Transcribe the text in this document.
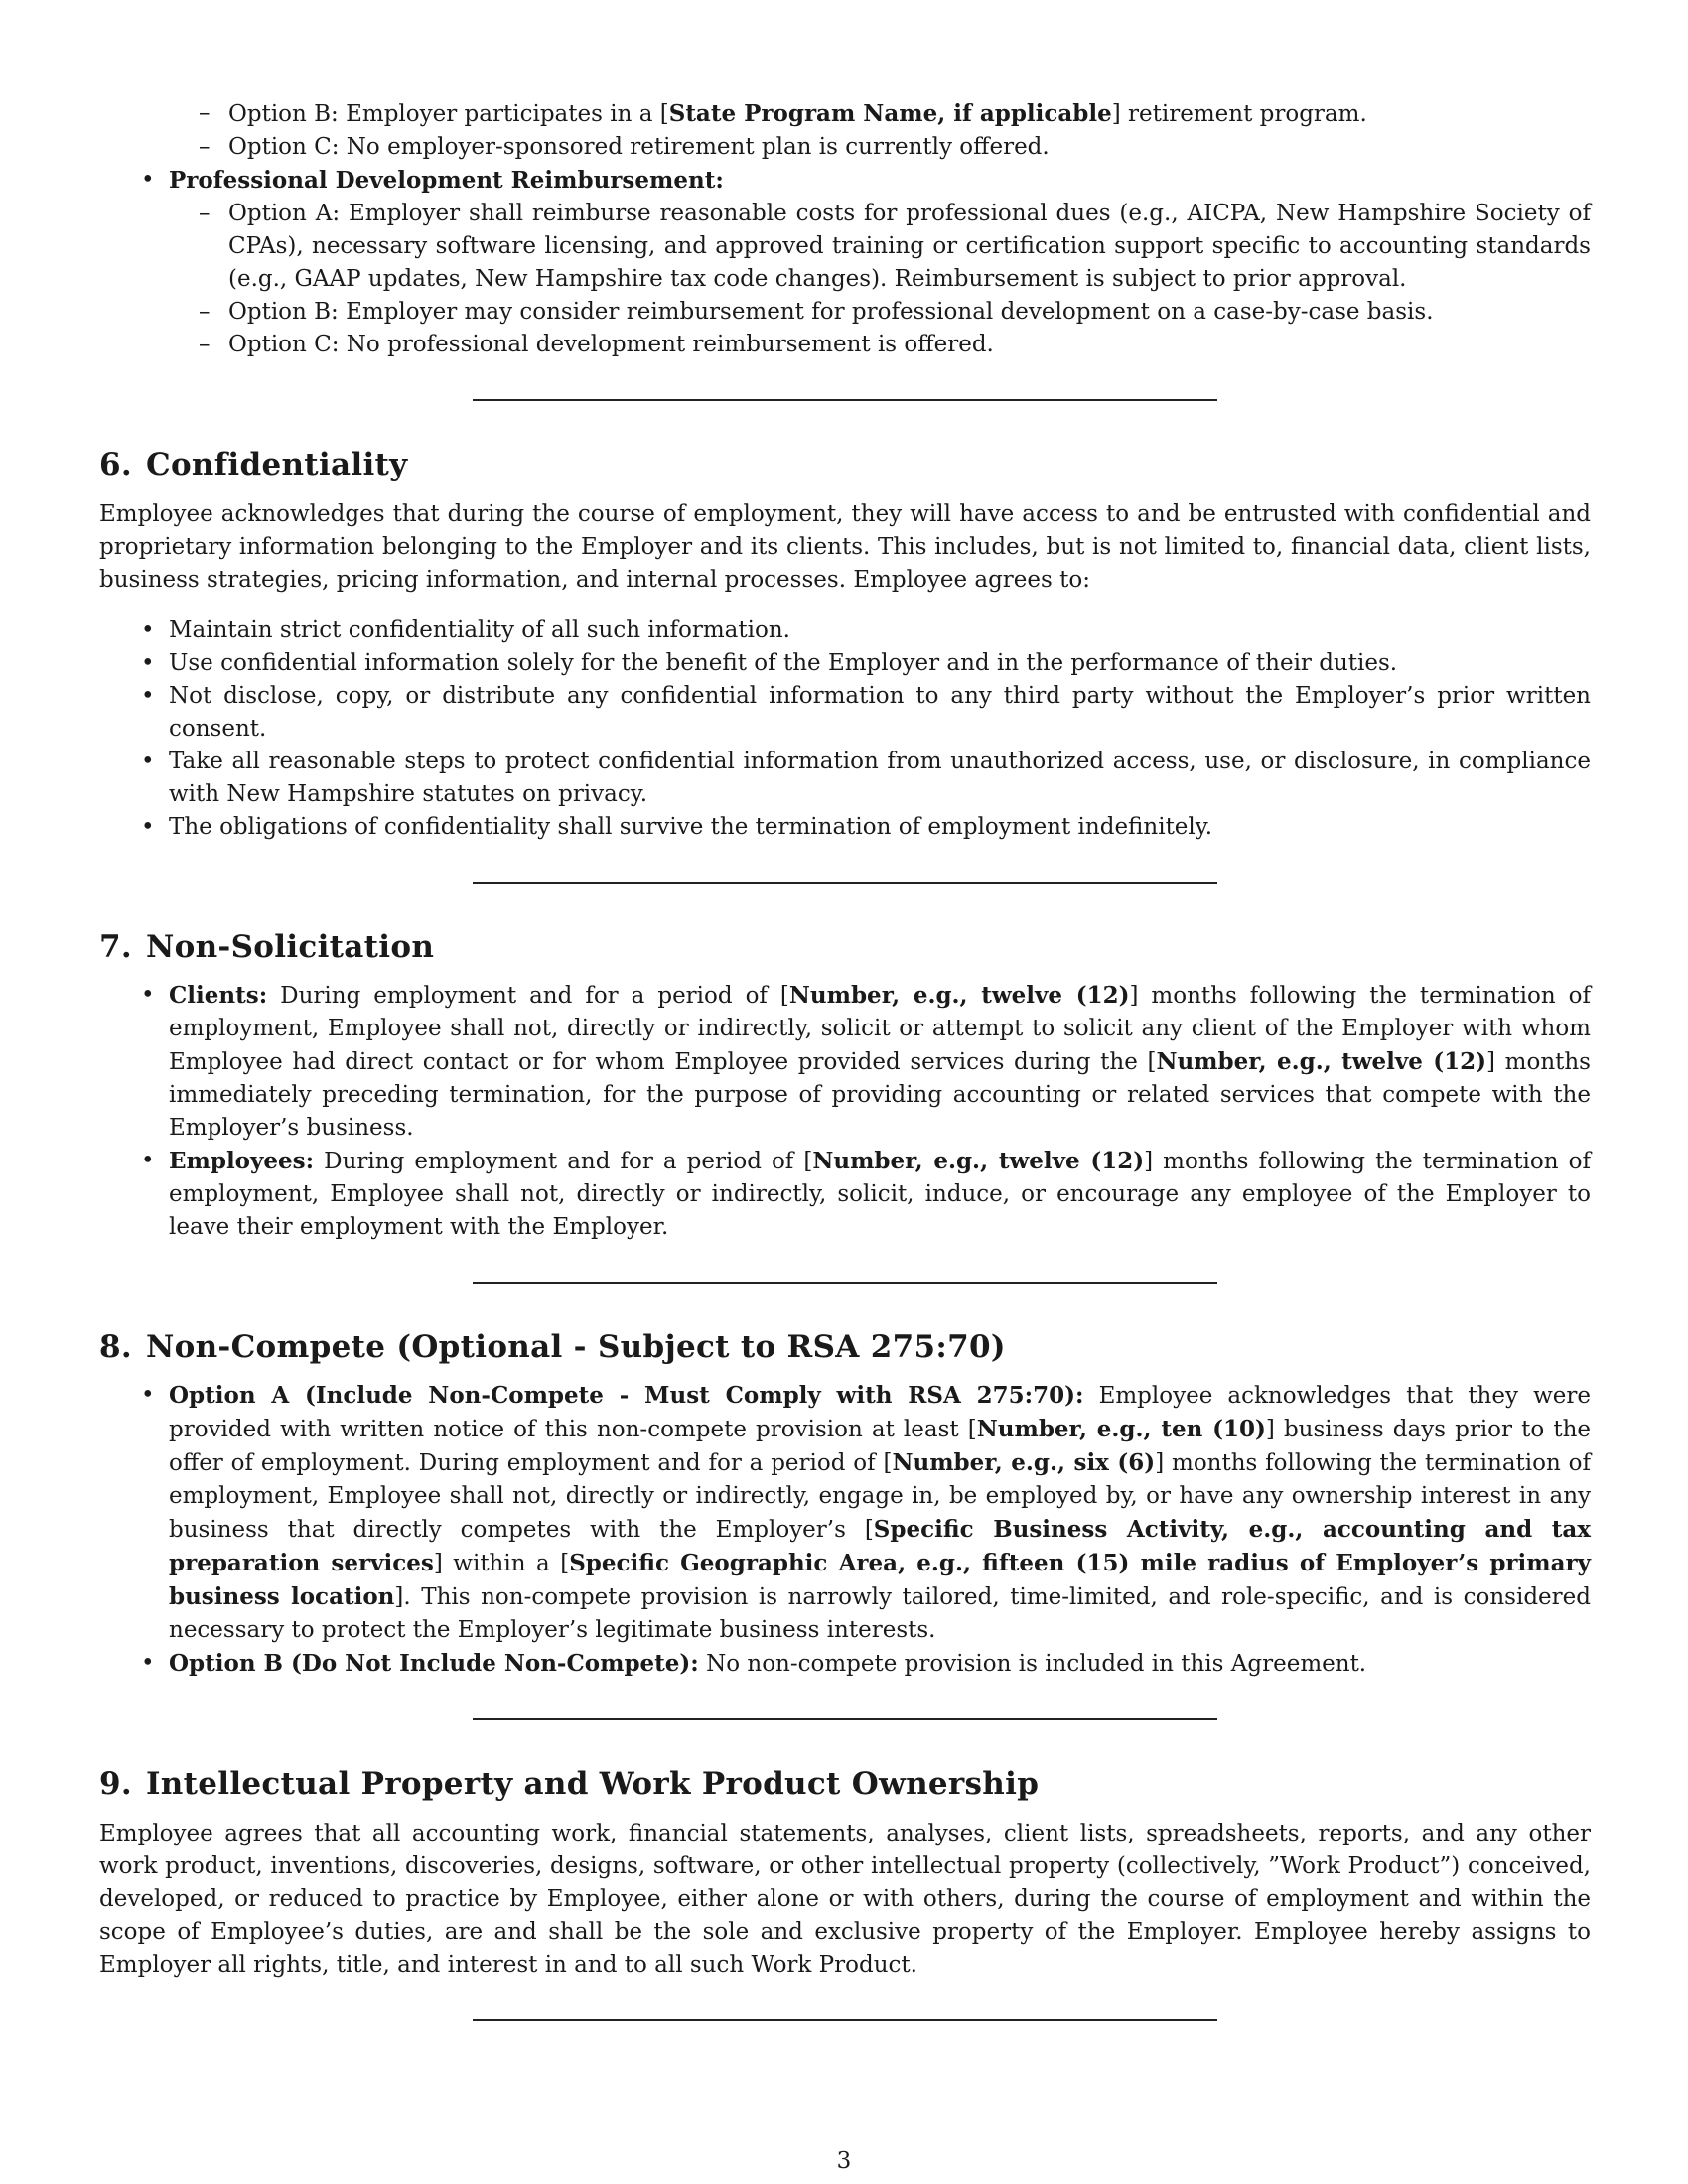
– Option B: Employer participates in a [State Program Name, if applicable] retirement program.
– Option C: No employer-sponsored retirement plan is currently offered.
• Professional Development Reimbursement:
– Option A: Employer shall reimburse reasonable costs for professional dues (e.g., AICPA, New Hampshire Society of CPAs), necessary software licensing, and approved training or certification support specific to accounting standards (e.g., GAAP updates, New Hampshire tax code changes). Reimbursement is subject to prior approval.
– Option B: Employer may consider reimbursement for professional development on a case-by-case basis.
– Option C: No professional development reimbursement is offered.
6. Confidentiality

Employee acknowledges that during the course of employment, they will have access to and be entrusted with confidential and proprietary information belonging to the Employer and its clients. This includes, but is not limited to, financial data, client lists, business strategies, pricing information, and internal processes. Employee agrees to:

• Maintain strict confidentiality of all such information.
• Use confidential information solely for the benefit of the Employer and in the performance of their duties.
• Not disclose, copy, or distribute any confidential information to any third party without the Employer’s prior written consent.
• Take all reasonable steps to protect confidential information from unauthorized access, use, or disclosure, in compliance with New Hampshire statutes on privacy.
• The obligations of confidentiality shall survive the termination of employment indefinitely.
7. Non-Solicitation
• Clients: During employment and for a period of [Number, e.g., twelve (12)] months following the termination of employment, Employee shall not, directly or indirectly, solicit or attempt to solicit any client of the Employer with whom Employee had direct contact or for whom Employee provided services during the [Number, e.g., twelve (12)] months immediately preceding termination, for the purpose of providing accounting or related services that compete with the Employer’s business.
• Employees: During employment and for a period of [Number, e.g., twelve (12)] months following the termination of employment, Employee shall not, directly or indirectly, solicit, induce, or encourage any employee of the Employer to leave their employment with the Employer.
8. Non-Compete (Optional - Subject to RSA 275:70)
• Option A (Include Non-Compete - Must Comply with RSA 275:70): Employee acknowledges that they were provided with written notice of this non-compete provision at least [Number, e.g., ten (10)] business days prior to the offer of employment. During employment and for a period of [Number, e.g., six (6)] months following the termination of employment, Employee shall not, directly or indirectly, engage in, be employed by, or have any ownership interest in any business that directly competes with the Employer’s [Specific Business Activity, e.g., accounting and tax preparation services] within a [Specific Geographic Area, e.g., fifteen (15) mile radius of Employer’s primary business location]. This non-compete provision is narrowly tailored, time-limited, and role-specific, and is considered necessary to protect the Employer’s legitimate business interests.
• Option B (Do Not Include Non-Compete): No non-compete provision is included in this Agreement.
9. Intellectual Property and Work Product Ownership

Employee agrees that all accounting work, financial statements, analyses, client lists, spreadsheets, reports, and any other work product, inventions, discoveries, designs, software, or other intellectual property (collectively, ”Work Product”) conceived, developed, or reduced to practice by Employee, either alone or with others, during the course of employment and within the scope of Employee’s duties, are and shall be the sole and exclusive property of the Employer. Employee hereby assigns to Employer all rights, title, and interest in and to all such Work Product.

3
